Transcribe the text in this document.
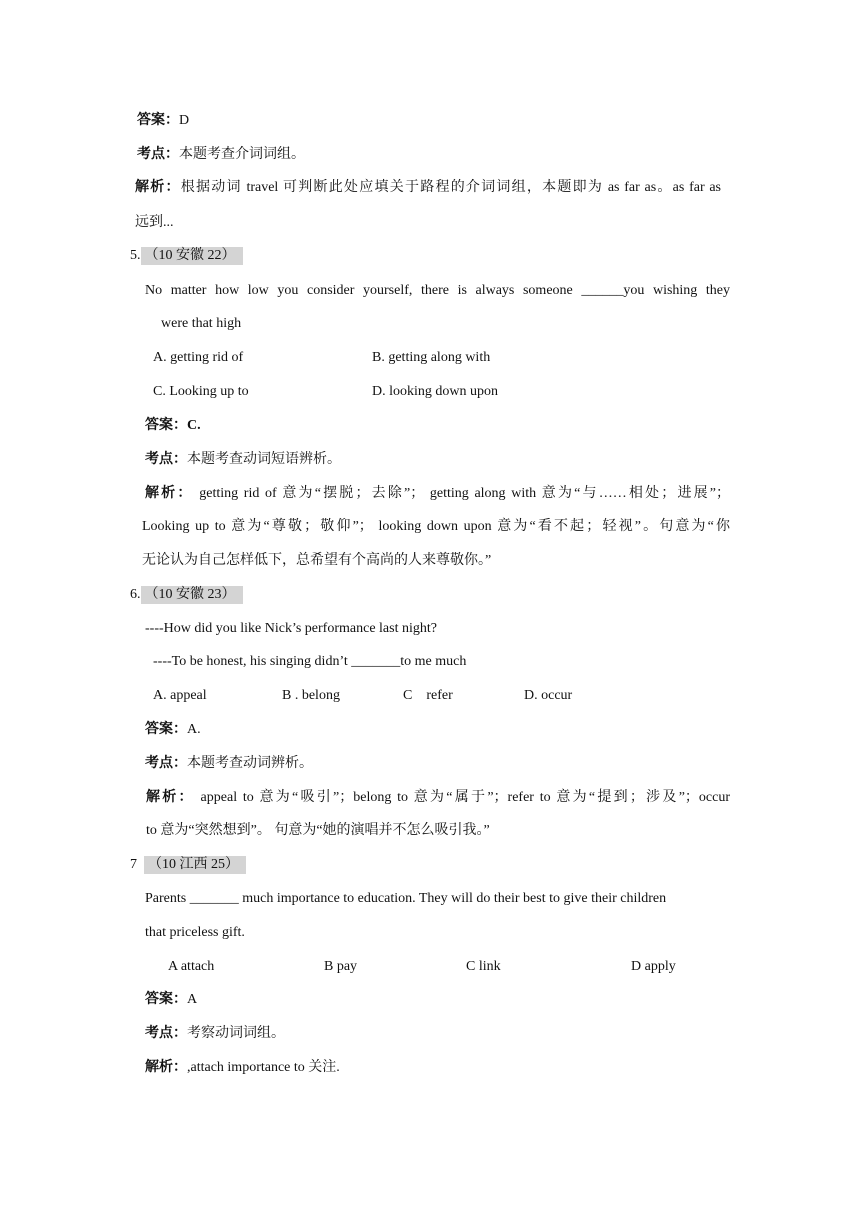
答案：D
考点：本题考查介词词组。
解析：根据动词 travel 可判断此处应填关于路程的介词词组，本题即为 as far as。as far as
远到...
5. （10 安徽 22）
No matter how low you consider yourself, there is always someone ______you wishing they
were that high
A. getting rid of	B. getting along with
C. Looking up to	D. looking down upon
答案：C.
考点：本题考查动词短语辨析。
解析： getting rid of 意为“摆脱；去除”； getting along with 意为“与……相处；进展”；
Looking up to 意为“尊敬；敬仰”； looking down upon 意为“看不起；轻视”。句意为“你
无论认为自己怎样低下，总希望有个高尚的人来尊敬你。”
6. （10 安徽 23）
----How did you like Nick’s performance last night?
----To be honest, his singing didn’t _______to me much
A. appeal	B . belong	C    refer	D. occur
答案：A.
考点：本题考查动词辨析。
解析： appeal to 意为“吸引”；belong to 意为“属于”；refer to 意为“提到；涉及”；occur
to 意为“突然想到”。 句意为“她的演唱并不怎么吸引我。”
7 （10 江西 25）
Parents _______ much importance to education. They will do their best to give their children
that priceless gift.
A attach	B pay	C link	D apply
答案：A
考点：考察动词词组。
解析：,attach importance to 关注.
